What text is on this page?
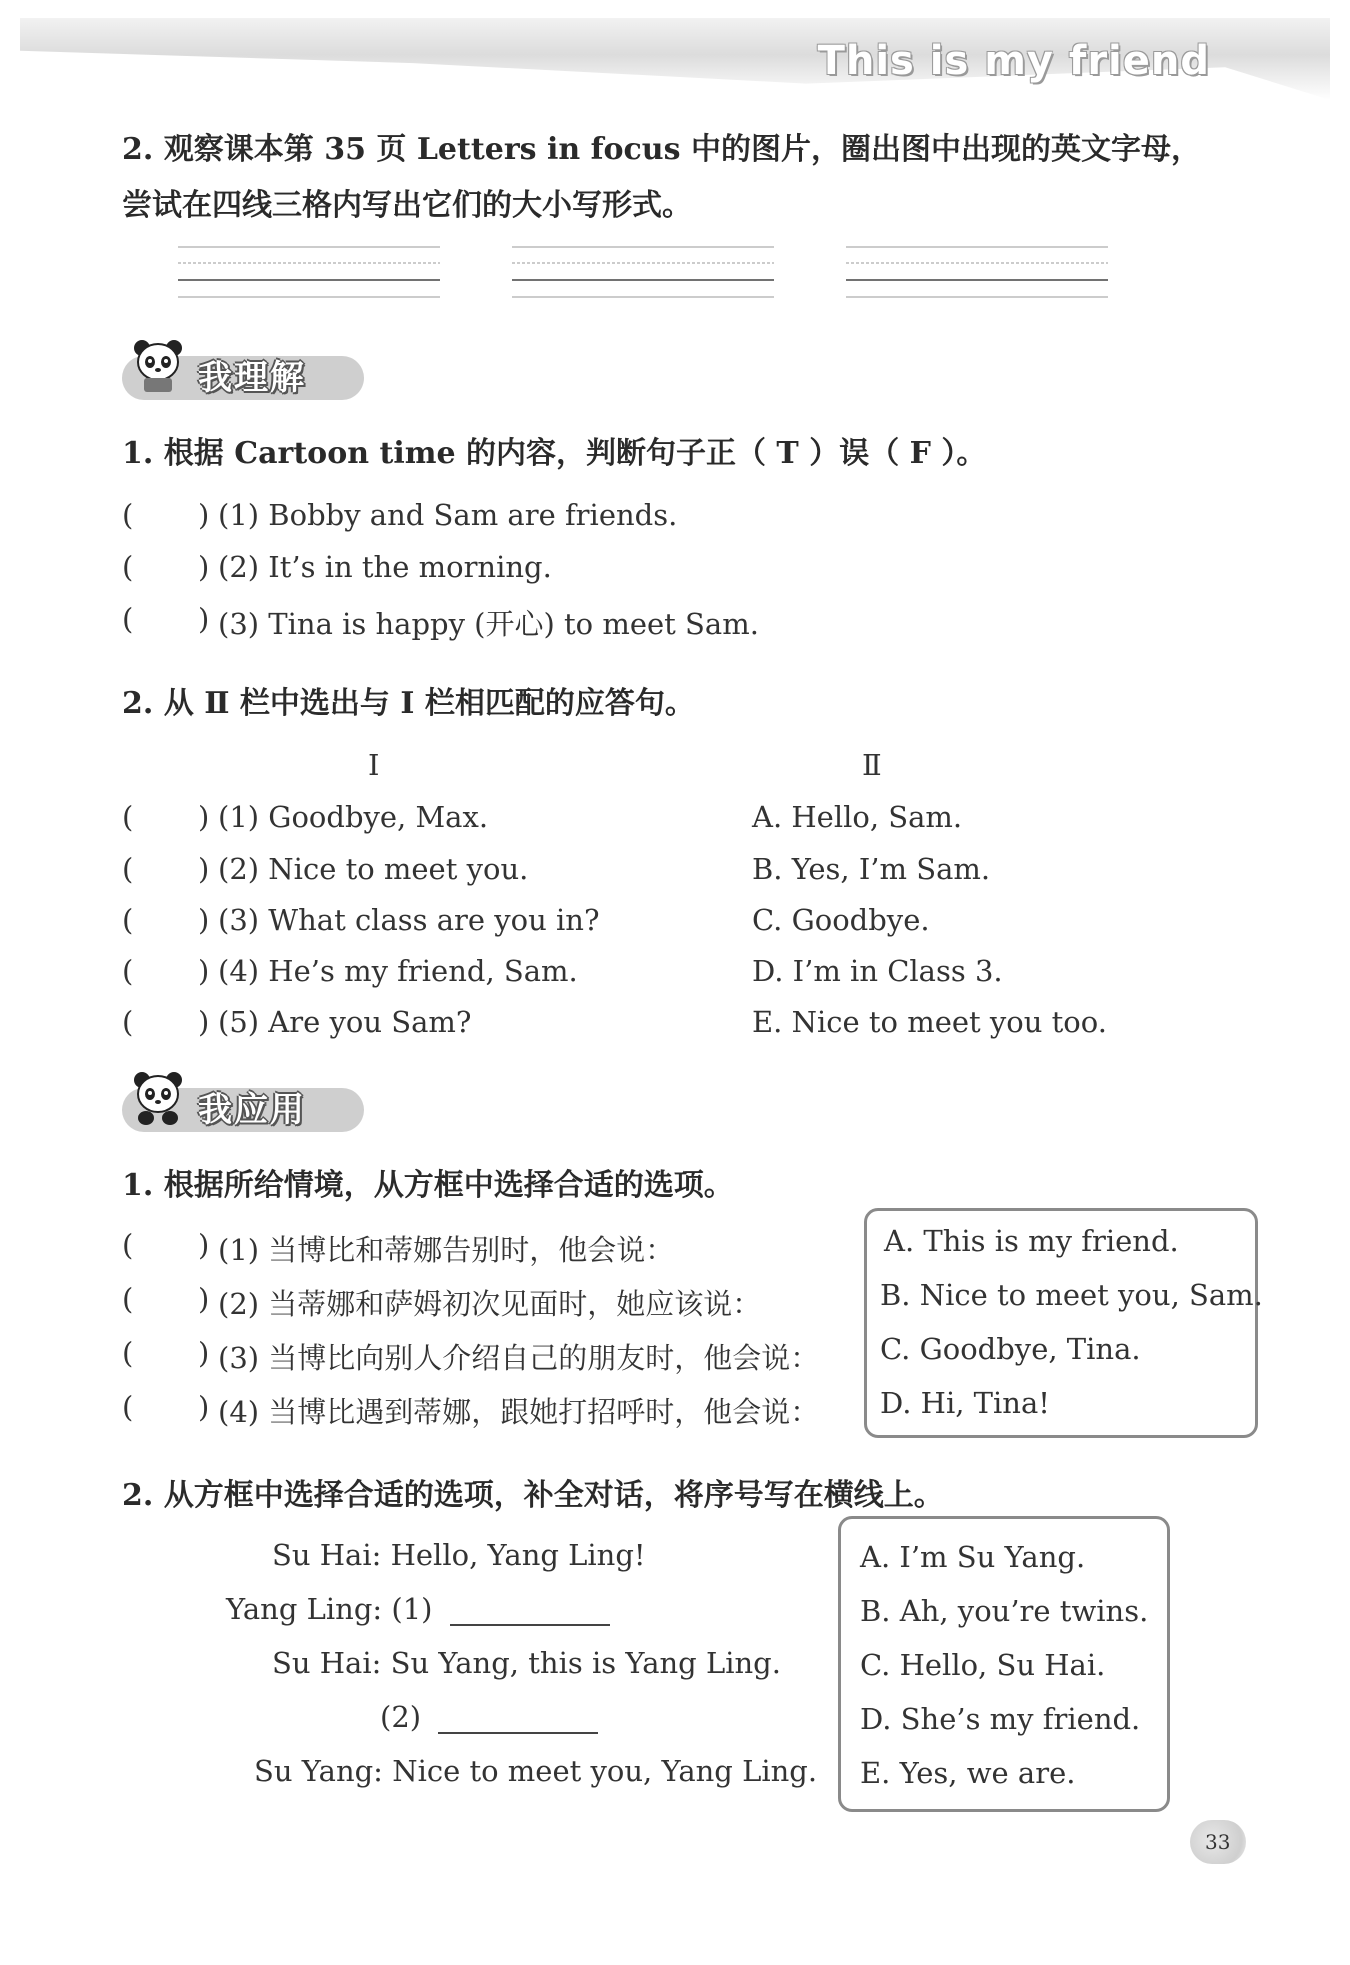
This is my friend
2. 观察课本第 35 页 Letters in focus 中的图片，圈出图中出现的英文字母，
尝试在四线三格内写出它们的大小写形式。
我理解
1. 根据 Cartoon time 的内容，判断句子正（ T ）误（ F ）。
( ) (1) Bobby and Sam are friends.
( ) (2) It’s in the morning.
( ) (3) Tina is happy (开心) to meet Sam.
2. 从 Ⅱ 栏中选出与 Ⅰ 栏相匹配的应答句。
Ⅰ	Ⅱ
( ) (1) Goodbye, Max.	A. Hello, Sam.
( ) (2) Nice to meet you.	B. Yes, I’m Sam.
( ) (3) What class are you in?	C. Goodbye.
( ) (4) He’s my friend, Sam.	D. I’m in Class 3.
( ) (5) Are you Sam?	E. Nice to meet you too.
我应用
1. 根据所给情境，从方框中选择合适的选项。
( ) (1) 当博比和蒂娜告别时，他会说：
( ) (2) 当蒂娜和萨姆初次见面时，她应该说：
( ) (3) 当博比向别人介绍自己的朋友时，他会说：
( ) (4) 当博比遇到蒂娜，跟她打招呼时，他会说：
A. This is my friend.
B. Nice to meet you, Sam.
C. Goodbye, Tina.
D. Hi, Tina!
2. 从方框中选择合适的选项，补全对话，将序号写在横线上。
Su Hai: Hello, Yang Ling!
Yang Ling: (1)
Su Hai: Su Yang, this is Yang Ling.
(2)
Su Yang: Nice to meet you, Yang Ling.
A. I’m Su Yang.
B. Ah, you’re twins.
C. Hello, Su Hai.
D. She’s my friend.
E. Yes, we are.
33
